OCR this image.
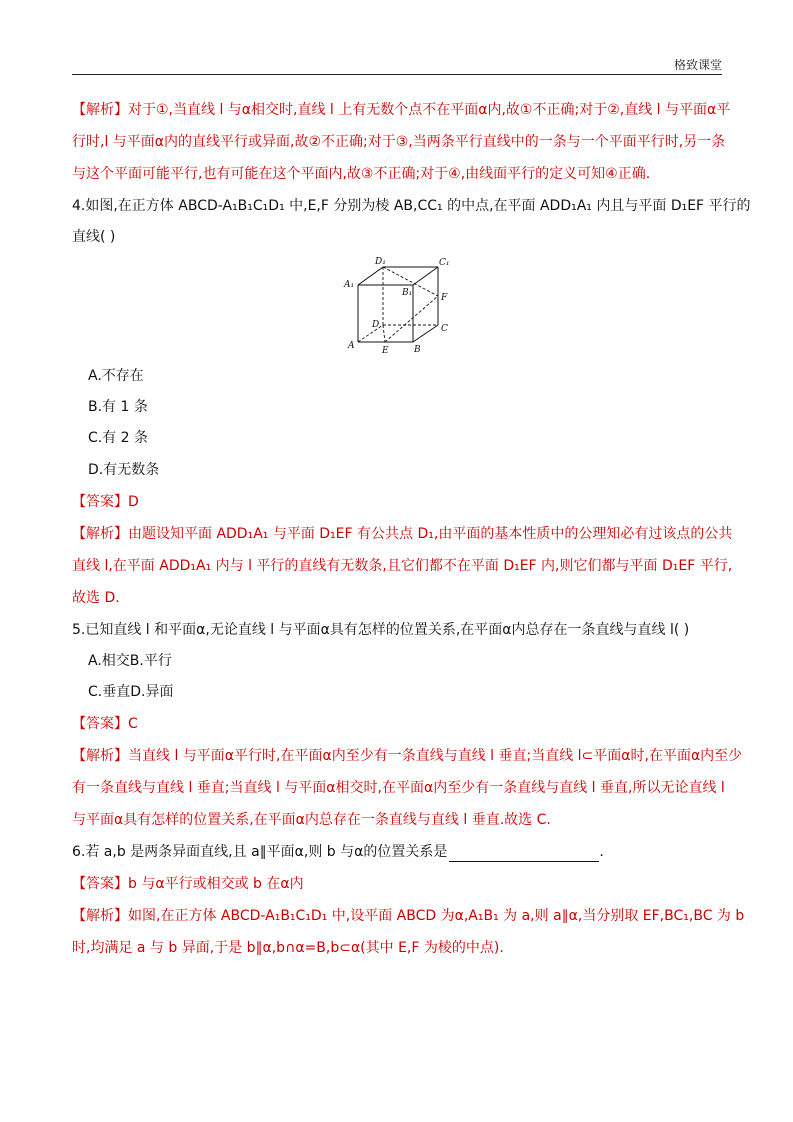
格致课堂
【解析】对于①,当直线 l 与α相交时,直线 l 上有无数个点不在平面α内,故①不正确;对于②,直线 l 与平面α平
行时,l 与平面α内的直线平行或异面,故②不正确;对于③,当两条平行直线中的一条与一个平面平行时,另一条
与这个平面可能平行,也有可能在这个平面内,故③不正确;对于④,由线面平行的定义可知④正确.
4.如图,在正方体 ABCD-A₁B₁C₁D₁ 中,E,F 分别为棱 AB,CC₁ 的中点,在平面 ADD₁A₁ 内且与平面 D₁EF 平行的
直线( )
D₁	C₁
A₁
B₁	F
D	C
A	E	B
A.不存在
B.有 1 条
C.有 2 条
D.有无数条
【答案】D
【解析】由题设知平面 ADD₁A₁ 与平面 D₁EF 有公共点 D₁,由平面的基本性质中的公理知必有过该点的公共
直线 l,在平面 ADD₁A₁ 内与 l 平行的直线有无数条,且它们都不在平面 D₁EF 内,则它们都与平面 D₁EF 平行,
故选 D.
5.已知直线 l 和平面α,无论直线 l 与平面α具有怎样的位置关系,在平面α内总存在一条直线与直线 l( )
A.相交B.平行
C.垂直D.异面
【答案】C
【解析】当直线 l 与平面α平行时,在平面α内至少有一条直线与直线 l 垂直;当直线 l⊂平面α时,在平面α内至少
有一条直线与直线 l 垂直;当直线 l 与平面α相交时,在平面α内至少有一条直线与直线 l 垂直,所以无论直线 l
与平面α具有怎样的位置关系,在平面α内总存在一条直线与直线 l 垂直.故选 C.
6.若 a,b 是两条异面直线,且 a∥平面α,则 b 与α的位置关系是	.
【答案】b 与α平行或相交或 b 在α内
【解析】如图,在正方体 ABCD-A₁B₁C₁D₁ 中,设平面 ABCD 为α,A₁B₁ 为 a,则 a∥α,当分别取 EF,BC₁,BC 为 b
时,均满足 a 与 b 异面,于是 b∥α,b∩α=B,b⊂α(其中 E,F 为棱的中点).
